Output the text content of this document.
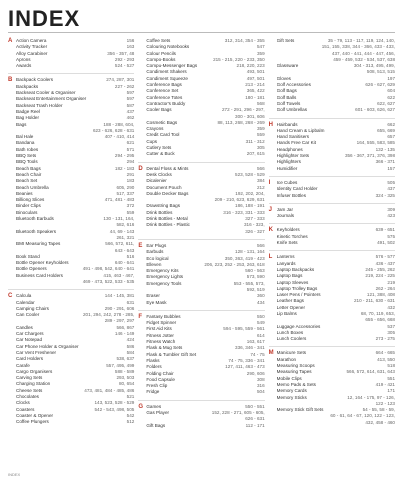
INDEX
A Action Camera	156
Activity Tracker	163
Alloy Carabiner	356 - 357, 48
Aprons	292 - 293
Awards	524 - 527
B Backpack Coolers	274, 287, 301
Backpacks	227 - 262
Backseat Cooler & Organiser	597
Backseat Entertainment Organiser	597
Backseat Trash Holder	587
Badge Reel	437
Bag Holder	462
Bags	188 - 288, 604,
623 - 626, 628 - 631
Bal Hale	407 - 410, 414
Bandana	621
Bath robes	571
BBQ Sets	294 - 295
BBQ Tools	294
Beach Bags	182 - 183
Beach Chair	291
Beach Set	183
Beach Umbrella	605, 290
Beanies	517, 337
Billiong Slices	471, 481 - 483
Binder Clips	372
Binoculars	559
Bluetooth Earbuds	130 - 131, 164,
582, 616
Bluetooth Speakers	44, 69 - 143
261, 321
BMI Measuring Tapes	566, 572, 611,
643 - 643
Book Stand	516
Bottle Opener Keyholders	640 - 641
Bottle Openers	491 - 498, 542, 640 - 641
Business Card Holders	415, 463 - 467,
469 - 473, 522, 533 - 535
C Calcula	144 - 145, 381
Calendar	631
Camping Chairs	290 - 291, 606
Can Cooler	201, 294, 242, 278 - 285,
289 - 297, 297
Candles	566, 867
Car Chargers	146 - 149
Car Notepad	424
Car Phone Holder & Organiser	586
Car Vent Freshener	584
Card Holders	538, 637
Carafe	557, 495, 499
Cargo Organisers	588 - 589
Carving Sets	293, 503
Charging Station	80, 654
Cheese Sets	473, 481, 484 - 485, 486
Chocolates	521
Clocks	143, 523, 528 - 529
Coasters	542 - 543, 498, 505
Coaster & Opener	542
Coffee Plungers	512
Coffee Sets	312, 314, 354 - 355
Colouring Notebooks	547
Colour Pencils	359
Compo-Books	215 - 215, 220 - 233, 350
Compu-Messenger Bags	218, 220, 223
Condiment Shakers	493, 501
Condiment Squeeze	497, 501
Conference Bags	213 - 214
Conference Set	365, 422
Conference Totes	180 - 181
Contractor's Buddy	568
Cooler Bags	272 - 291, 296 - 297,
300 - 301, 606
Cosmetic Bags	88, 113, 268, 268 - 269
Crayons	359
Credit Card Tool	559
Cups	311 - 312
Cutlery Sets	305
Cutter & Buck	207, 615
D Dental Floss & Mints	566
Desk Clocks	523, 528 - 529
Dicalenier	384
Document Pouch	212
Double Decker Bags	192, 202, 204,
209 - 210, 623, 629, 631
Drawstring Bags	186, 188 - 191
Drink Bottles	316 - 323, 331 - 333
Drink Bottles - Metal	327 - 333
Drink Bottles - Plastic	316 - 323,
326 - 327
E Ear Plugs	566
Earbuds	128 - 131, 164
Eco logical	350, 363, 419 - 423
Elleven	206, 223, 252 - 253, 263, 618
Emergency Kits	560 - 563
Emergency Lights	573, 590
Emergency Tools	553 - 555, 573,
592, 519
Eraser	360
Eye Mask	434
F Fantasy Bubbles	550
Fidget Spinner	549
First Aid Kits	594 - 595, 559 - 561
Fitness Jotter	614
Fitness Watch	163, 617
Flask & Mug Sets	336, 346 - 341
Flask & Tumbler Gift Set	74 - 75
Flasks	74 - 75, 336 - 341
Folders	127, 411, 463 - 473
Folding Chair	290, 606
Food Capsule	308
Fresh Clip	316
Fridge	504
G Games	550 - 551
Gas Player	152, 228 - 271, 605 - 605,
626 - 631
Gift Bags	112 - 171
Gift Sets	35 - 79, 113 - 117, 119, 124, 140,
151, 155, 338, 344 - 366, 433 - 433,
437, 440 - 441, 444 - 447, 456,
459 - 459, 532 - 534, 537, 638
Glassware	304 - 313, 495, 499,
508, 513, 515
Gloves	197
Golf Accessories	626 - 627, 629
Golf Bags	604
Golf Balls	622
Golf Towels	622, 627
Golf Umbrellas	601 - 603, 626, 627
H Hairbands	662
Hand Cream & Lipbalm	655, 669
Hand Sanitisers	657
Hands Free Car Kit	164, 555, 583, 585
Headphones	132 - 135
Highlighter Sets	356 - 367, 371, 376, 398
Highlighters	366 - 371
Humidifier	157
I	Ice Cubes	505
Identity Card Holder	437
Infuser Bottles	324 - 325
J	Jam Jar	309
Journals	423
K Keyholders	639 - 651
Kinetic Torches	575
Knife Sets	491, 502
L Lanterns	576 - 577
Lanyards	436 - 437
Laptop Backpacks	245 - 255, 262
Laptop Bags	219, 224 - 225
Laptop Sleeves	219
Laptop Trolley Bags	262 - 264
Laser Pens / Pointers	121, 388, 408
Leather Bags	210 - 211, 630 - 631
Letter Opener	432
Lip Balms	68, 70, 119, 653,
655 - 656, 668
Luggage Accessories	537
Lunch Boxes	305
Lunch Coolers	273 - 275
M Manicure Sets	664 - 665
Marathon	413, 550
Measuring Scoops	518
Measuring Tapes	566, 572, 614, 631, 643
Mobile Clips	551
Memo Pads & Sets	419 - 421
Memory Cards	171
Memory Sticks	12, 164 - 175, 97 - 126,
122 - 123
Memory Stick Gift Sets	54 - 55, 58 - 59,
60 - 61, 64 - 67, 120, 122 - 123,
432, 458 - 460
INDEX
